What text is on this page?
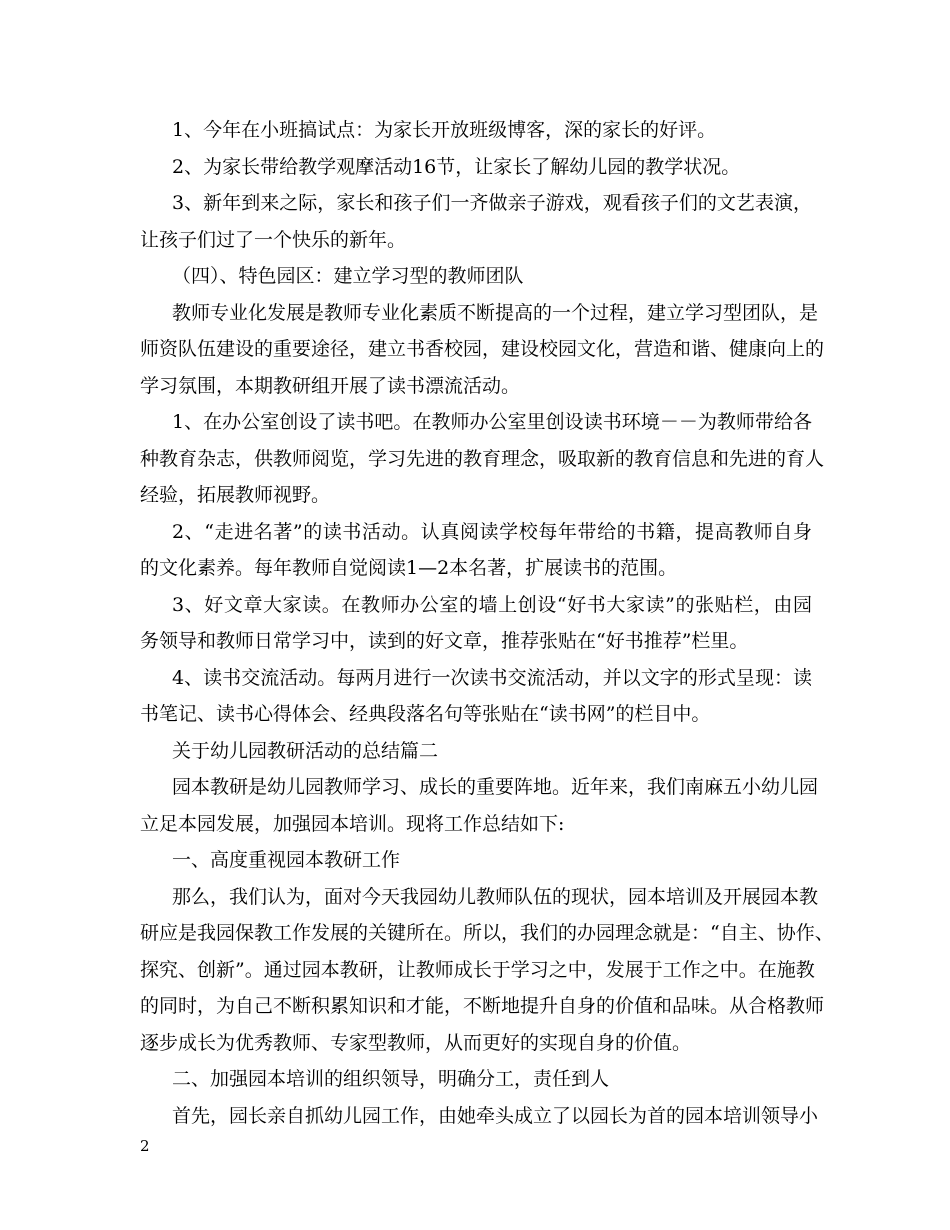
1、今年在小班搞试点：为家长开放班级博客，深的家长的好评。
2、为家长带给教学观摩活动16节，让家长了解幼儿园的教学状况。
3、新年到来之际，家长和孩子们一齐做亲子游戏，观看孩子们的文艺表演，
让孩子们过了一个快乐的新年。
（四）、特色园区：建立学习型的教师团队
教师专业化发展是教师专业化素质不断提高的一个过程，建立学习型团队，是
师资队伍建设的重要途径，建立书香校园，建设校园文化，营造和谐、健康向上的
学习氛围，本期教研组开展了读书漂流活动。
1、在办公室创设了读书吧。在教师办公室里创设读书环境－－为教师带给各
种教育杂志，供教师阅览，学习先进的教育理念，吸取新的教育信息和先进的育人
经验，拓展教师视野。
2、“走进名著”的读书活动。认真阅读学校每年带给的书籍，提高教师自身
的文化素养。每年教师自觉阅读1—2本名著，扩展读书的范围。
3、好文章大家读。在教师办公室的墙上创设“好书大家读”的张贴栏，由园
务领导和教师日常学习中，读到的好文章，推荐张贴在“好书推荐”栏里。
4、读书交流活动。每两月进行一次读书交流活动，并以文字的形式呈现：读
书笔记、读书心得体会、经典段落名句等张贴在“读书网”的栏目中。
关于幼儿园教研活动的总结篇二
园本教研是幼儿园教师学习、成长的重要阵地。近年来，我们南麻五小幼儿园
立足本园发展，加强园本培训。现将工作总结如下:
一、高度重视园本教研工作
那么，我们认为，面对今天我园幼儿教师队伍的现状，园本培训及开展园本教
研应是我园保教工作发展的关键所在。所以，我们的办园理念就是：“自主、协作、
探究、创新”。通过园本教研，让教师成长于学习之中，发展于工作之中。在施教
的同时，为自己不断积累知识和才能，不断地提升自身的价值和品味。从合格教师
逐步成长为优秀教师、专家型教师，从而更好的实现自身的价值。
二、加强园本培训的组织领导，明确分工，责任到人
首先，园长亲自抓幼儿园工作，由她牵头成立了以园长为首的园本培训领导小
2
